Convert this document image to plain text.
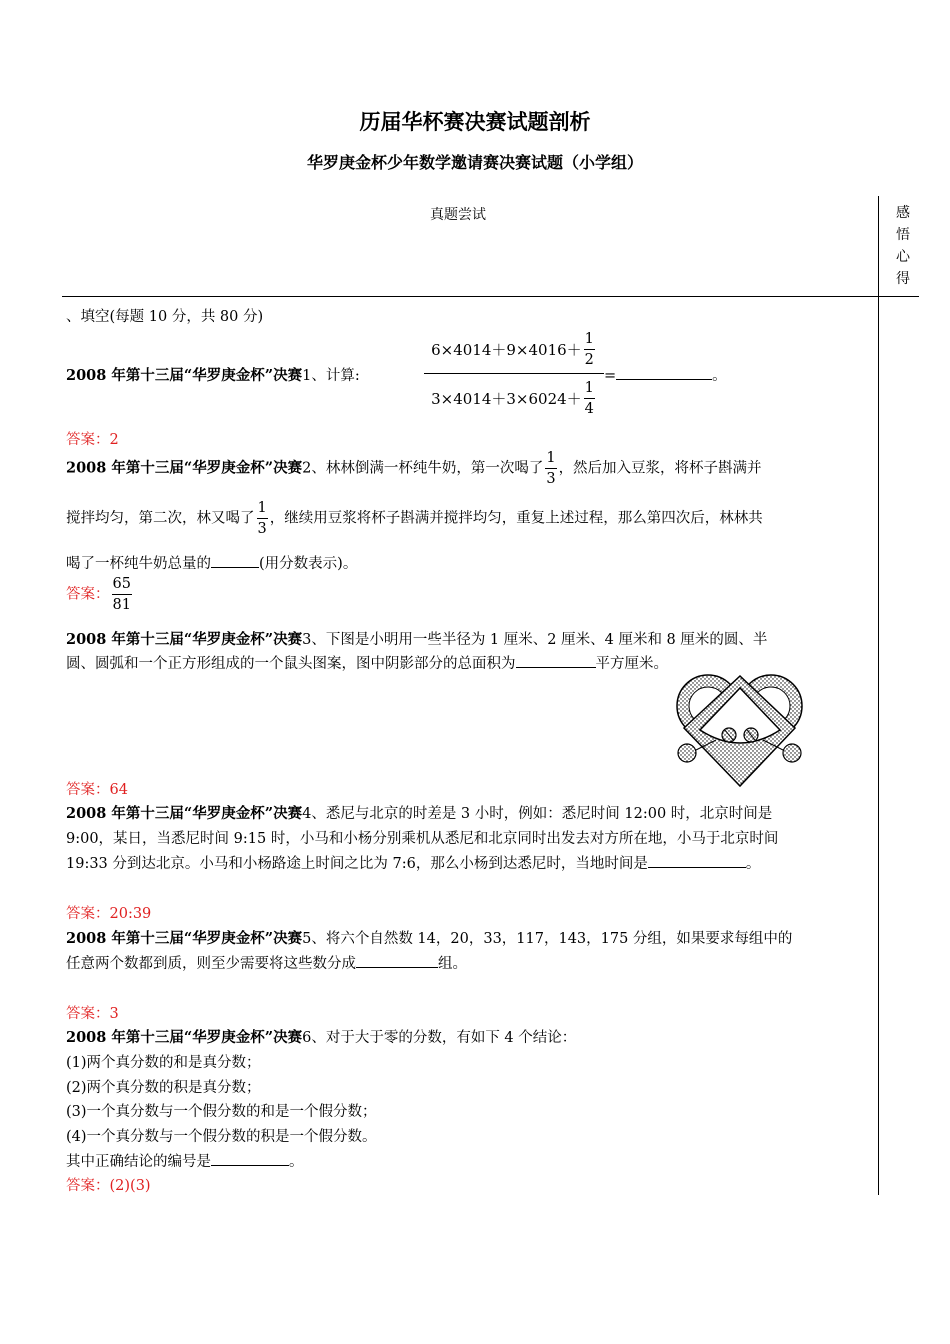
历届华杯赛决赛试题剖析
华罗庚金杯少年数学邀请赛决赛试题（小学组）
真题尝试	感
悟
心
得
、填空(每题 10 分，共 80 分)
2008 年第十三届“华罗庚金杯”决赛1、计算:
$6\times 4014+9\times 4016+ \frac{1}{2}$
$3\times 4014+3\times 6024+ \frac{1}{4}$
=	。
答案：2
2008 年第十三届“华罗庚金杯”决赛2、林林倒满一杯纯牛奶，第一次喝了 $\frac{1}{3}$ ，然后加入豆浆，将杯子斟满并
搅拌均匀，第二次，林又喝了 $\frac{1}{3}$ ，继续用豆浆将杯子斟满并搅拌均匀，重复上述过程，那么第四次后，林林共
喝了一杯纯牛奶总量的	(用分数表示)。
答案： $\frac{65}{81}$
2008 年第十三届“华罗庚金杯”决赛3、下图是小明用一些半径为 1 厘米、2 厘米、4 厘米和 8 厘米的圆、半
圆、圆弧和一个正方形组成的一个鼠头图案，图中阴影部分的总面积为	平方厘米。
答案：64
2008 年第十三届“华罗庚金杯”决赛4、悉尼与北京的时差是 3 小时，例如：悉尼时间 12:00 时，北京时间是
9:00，某日，当悉尼时间 9:15 时，小马和小杨分别乘机从悉尼和北京同时出发去对方所在地，小马于北京时间
19:33 分到达北京。小马和小杨路途上时间之比为 7:6，那么小杨到达悉尼时，当地时间是	。
答案：20:39
2008 年第十三届“华罗庚金杯”决赛5、将六个自然数 14，20，33，117，143，175 分组，如果要求每组中的
任意两个数都到质，则至少需要将这些数分成	组。
答案：3
2008 年第十三届“华罗庚金杯”决赛6、对于大于零的分数，有如下 4 个结论：
(1)两个真分数的和是真分数；
(2)两个真分数的积是真分数；
(3)一个真分数与一个假分数的和是一个假分数；
(4)一个真分数与一个假分数的积是一个假分数。
其中正确结论的编号是	。
答案：(2)(3)
